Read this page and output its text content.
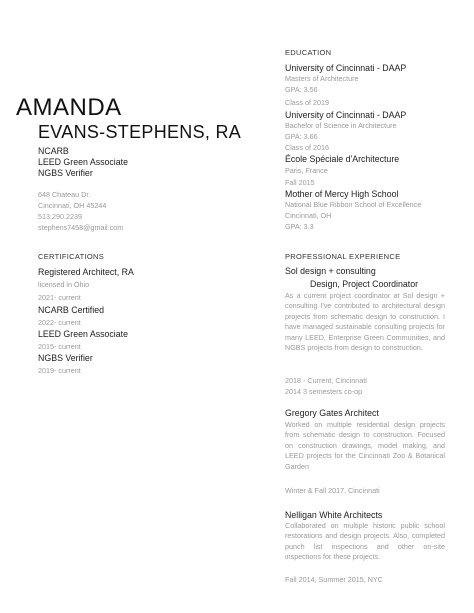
AMANDA
EVANS-STEPHENS, RA
NCARB
LEED Green Associate
NGBS Verifier
648 Chateau Dr.
Cincinnati, OH 45244
513.290.2239
stephens7458@gmail.com
CERTIFICATIONS
Registered Architect, RA
licensed in Ohio
2021- current
NCARB Certified
2022- current
LEED Green Associate
2015- current
NGBS Verifier
2019- current
EDUCATION
University of Cincinnati - DAAP
Masters of Architecture
GPA: 3.56
Class of 2019
University of Cincinnati - DAAP
Bachelor of Science in Architecture
GPA: 3.66
Class of 2016
École Spéciale d'Architecture
Paris, France
Fall 2015
Mother of Mercy High School
National Blue Ribbon School of Excellence
Cincinnati, OH
GPA: 3.3
PROFESSIONAL EXPERIENCE
Sol design + consulting
Design, Project Coordinator
As a current project coordinator at Sol design + consulting I've contributed to architectural design projects from schematic design to construction. I have managed sustainable consulting projects for many LEED, Enterprise Green Communities, and NGBS projects from design to construction.
2018 - Current, Cincinnati
2014 3 semesters co-op
Gregory Gates Architect
Worked on multiple residential design projects from schematic design to construction. Focused on construction drawings, model making, and LEED projects for the Cincinnati Zoo & Botanical Garden
Winter & Fall 2017, Cincinnati
Nelligan White Architects
Collaborated on multiple historic public school restorations and design projects. Also, completed punch list inspections and other on-site inspections for these projects.
Fall 2014, Summer 2015, NYC
